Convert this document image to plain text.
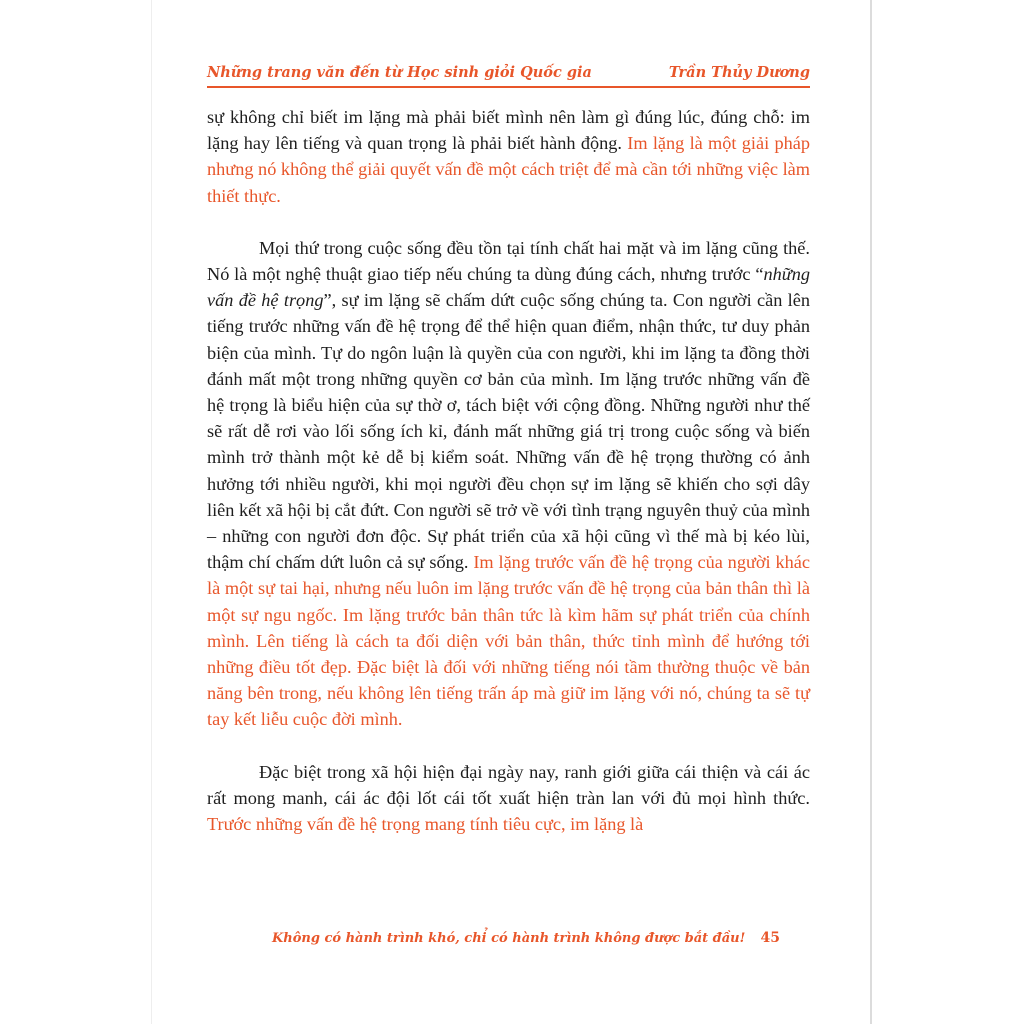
Những trang văn đến từ Học sinh giỏi Quốc gia	Trần Thủy Dương

sự không chỉ biết im lặng mà phải biết mình nên làm gì đúng lúc, đúng chỗ: im lặng hay lên tiếng và quan trọng là phải biết hành động. Im lặng là một giải pháp nhưng nó không thể giải quyết vấn đề một cách triệt để mà cần tới những việc làm thiết thực.

Mọi thứ trong cuộc sống đều tồn tại tính chất hai mặt và im lặng cũng thế. Nó là một nghệ thuật giao tiếp nếu chúng ta dùng đúng cách, nhưng trước “những vấn đề hệ trọng”, sự im lặng sẽ chấm dứt cuộc sống chúng ta. Con người cần lên tiếng trước những vấn đề hệ trọng để thể hiện quan điểm, nhận thức, tư duy phản biện của mình. Tự do ngôn luận là quyền của con người, khi im lặng ta đồng thời đánh mất một trong những quyền cơ bản của mình. Im lặng trước những vấn đề hệ trọng là biểu hiện của sự thờ ơ, tách biệt với cộng đồng. Những người như thế sẽ rất dễ rơi vào lối sống ích kỉ, đánh mất những giá trị trong cuộc sống và biến mình trở thành một kẻ dễ bị kiểm soát. Những vấn đề hệ trọng thường có ảnh hưởng tới nhiều người, khi mọi người đều chọn sự im lặng sẽ khiến cho sợi dây liên kết xã hội bị cắt đứt. Con người sẽ trở về với tình trạng nguyên thuỷ của mình – những con người đơn độc. Sự phát triển của xã hội cũng vì thế mà bị kéo lùi, thậm chí chấm dứt luôn cả sự sống. Im lặng trước vấn đề hệ trọng của người khác là một sự tai hại, nhưng nếu luôn im lặng trước vấn đề hệ trọng của bản thân thì là một sự ngu ngốc. Im lặng trước bản thân tức là kìm hãm sự phát triển của chính mình. Lên tiếng là cách ta đối diện với bản thân, thức tỉnh mình để hướng tới những điều tốt đẹp. Đặc biệt là đối với những tiếng nói tầm thường thuộc về bản năng bên trong, nếu không lên tiếng trấn áp mà giữ im lặng với nó, chúng ta sẽ tự tay kết liễu cuộc đời mình.

Đặc biệt trong xã hội hiện đại ngày nay, ranh giới giữa cái thiện và cái ác rất mong manh, cái ác đội lốt cái tốt xuất hiện tràn lan với đủ mọi hình thức. Trước những vấn đề hệ trọng mang tính tiêu cực, im lặng là

Không có hành trình khó, chỉ có hành trình không được bắt đầu! 45
